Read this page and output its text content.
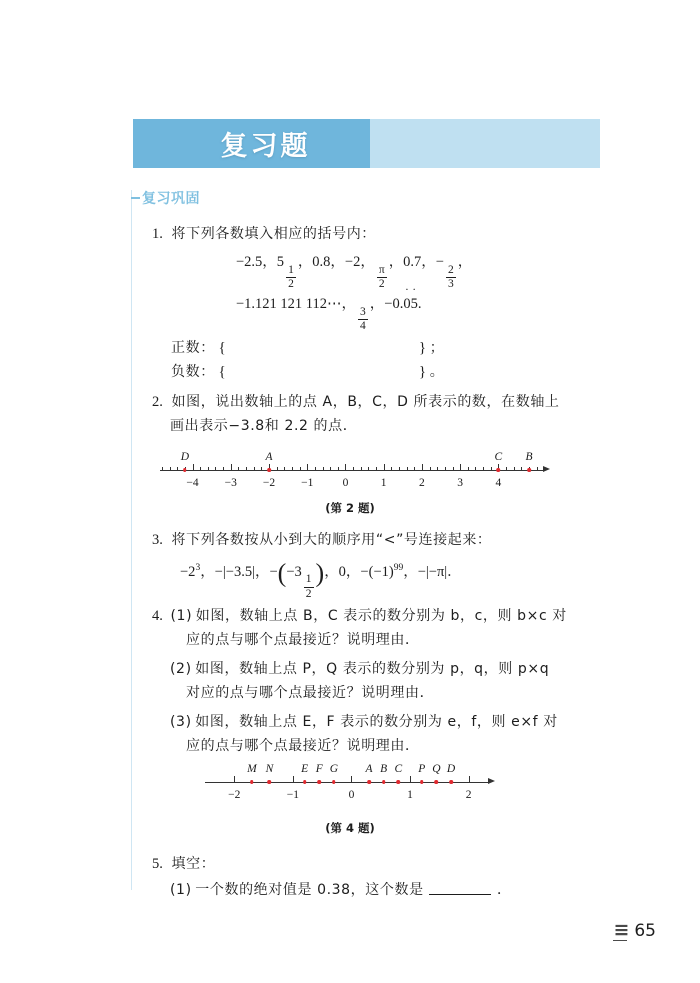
复习题
复习巩固
1. 将下列各数填入相应的括号内：
−2.5，5
$\frac{1}{2}$
，0.8，−2，
$\frac{\pi}{2}$
，0.7，−
$\frac{2}{3}$
，
−1.121 121 112⋯，
$\frac{3}{4}$
，−0.0 ˙5 ˙.
正数： {	} ；
负数： {	} 。
2. 如图，说出数轴上的点 A，B，C，D 所表示的数，在数轴上
画出表示−3.8和 2.2 的点．
−4 −3 −2 −1	0	1	2	3	4
D	A	C B
(第 2 题)
3. 将下列各数按从小到大的顺序用“<”号连接起来：
$-2^3$，−|−3.5|，−(−3
$\frac{1}{2}$ )，0，$-(-1)^{99}$，−|−π|．
4. (1) 如图，数轴上点 B，C 表示的数分别为 b，c，则 b×c 对
应的点与哪个点最接近？说明理由．
(2) 如图，数轴上点 P，Q 表示的数分别为 p，q，则 p×q
对应的点与哪个点最接近？说明理由．
(3) 如图，数轴上点 E，F 表示的数分别为 e，f，则 e×f 对
应的点与哪个点最接近？说明理由．
−2	−1	0	1	2
M N E F G A B C P Q D
(第 4 题)
5. 填空：
(1) 一个数的绝对值是 0.38，这个数是	．
≡ 65
